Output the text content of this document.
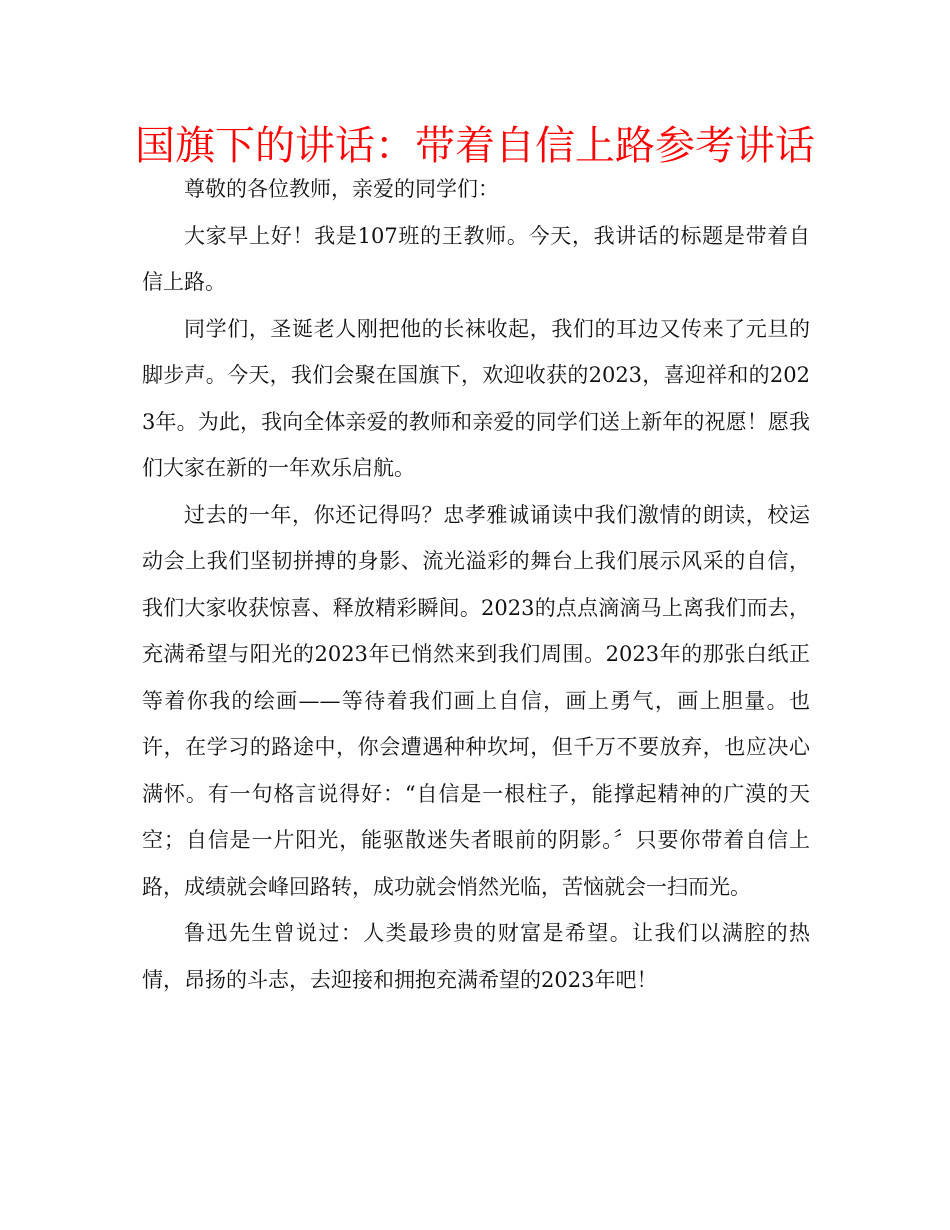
国旗下的讲话：带着自信上路参考讲话

尊敬的各位教师，亲爱的同学们：

大家早上好！我是107班的王教师。今天，我讲话的标题是带着自信上路。

同学们，圣诞老人刚把他的长袜收起，我们的耳边又传来了元旦的脚步声。今天，我们会聚在国旗下，欢迎收获的2023，喜迎祥和的2023年。为此，我向全体亲爱的教师和亲爱的同学们送上新年的祝愿！愿我们大家在新的一年欢乐启航。

过去的一年，你还记得吗？忠孝雅诚诵读中我们激情的朗读，校运动会上我们坚韧拼搏的身影、流光溢彩的舞台上我们展示风采的自信，我们大家收获惊喜、释放精彩瞬间。2023的点点滴滴马上离我们而去，充满希望与阳光的2023年已悄然来到我们周围。2023年的那张白纸正等着你我的绘画——等待着我们画上自信，画上勇气，画上胆量。也许，在学习的路途中，你会遭遇种种坎坷，但千万不要放弃，也应决心满怀。有一句格言说得好：“自信是一根柱子，能撑起精神的广漠的天空；自信是一片阳光，能驱散迷失者眼前的阴影。〞只要你带着自信上路，成绩就会峰回路转，成功就会悄然光临，苦恼就会一扫而光。

鲁迅先生曾说过：人类最珍贵的财富是希望。让我们以满腔的热情，昂扬的斗志，去迎接和拥抱充满希望的2023年吧！
